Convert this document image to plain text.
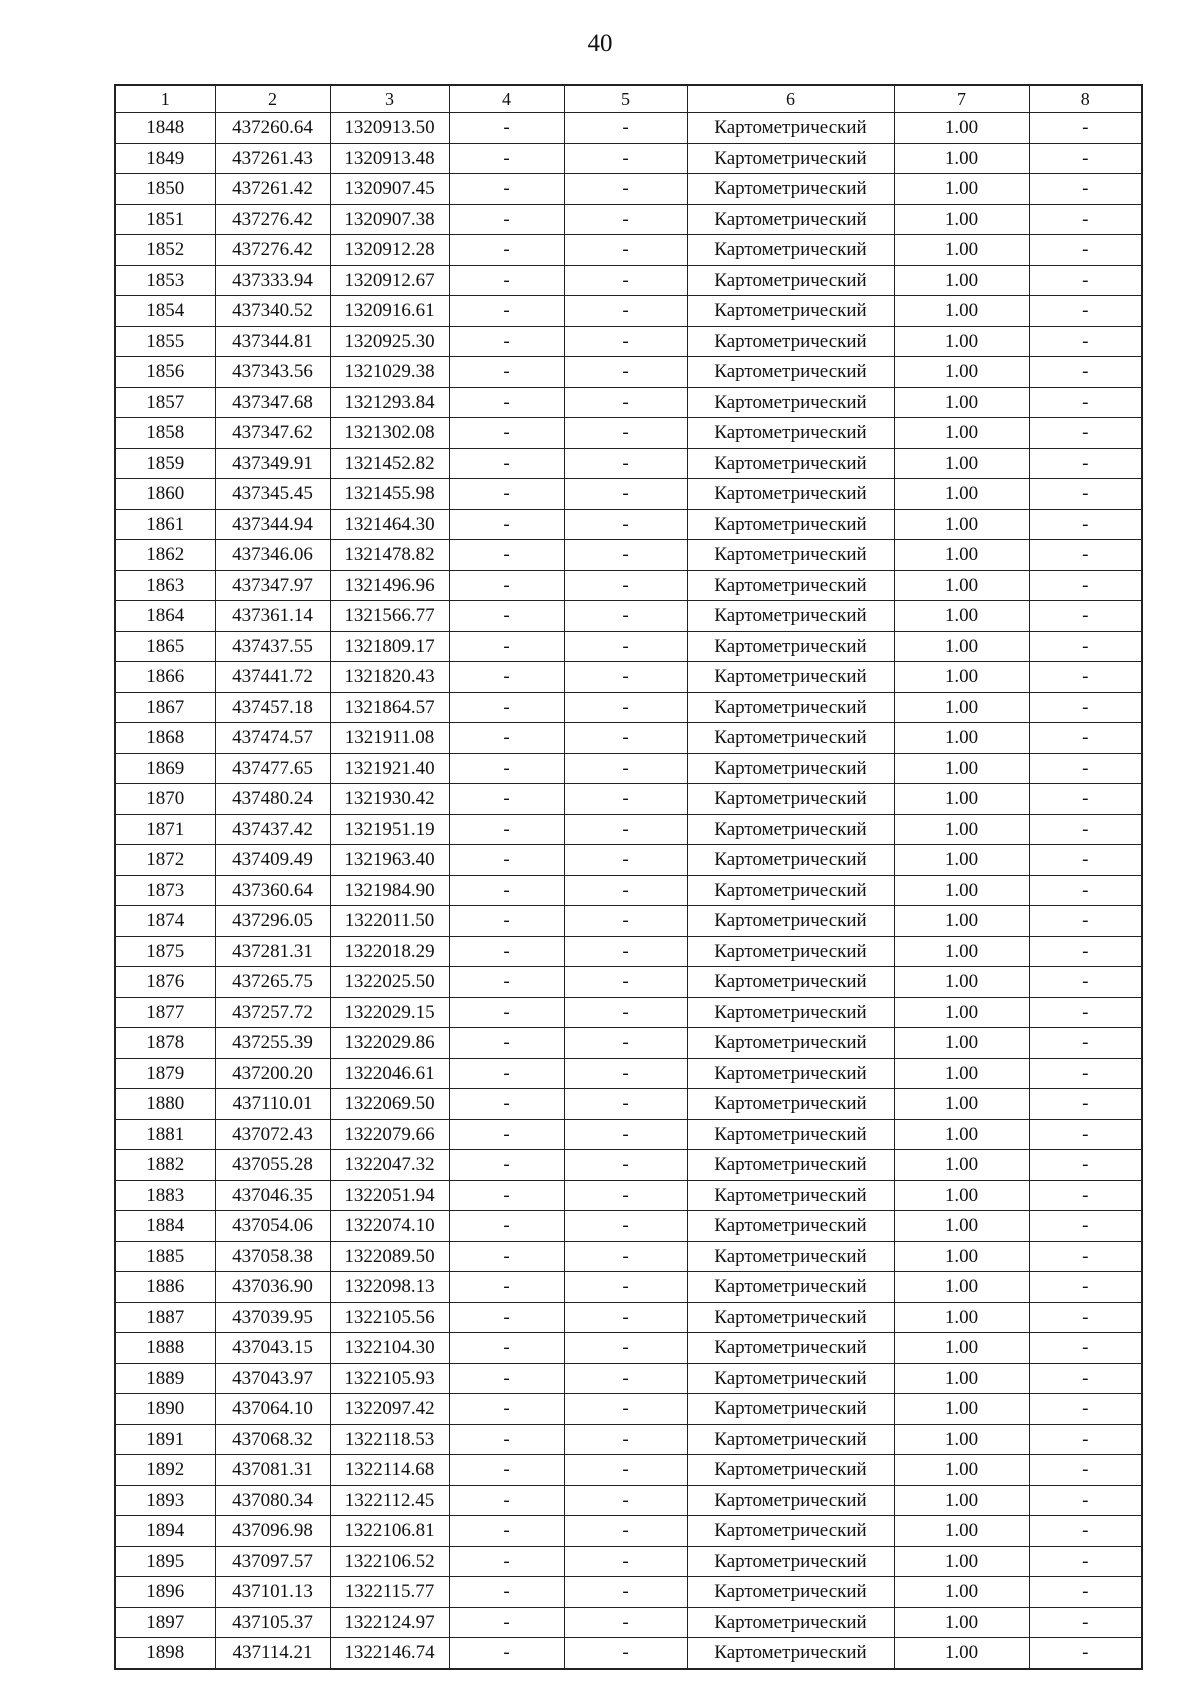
40
1	2	3	4	5	6	7	8
1848	437260.64	1320913.50	-	-	Картометрический	1.00	-
1849	437261.43	1320913.48	-	-	Картометрический	1.00	-
1850	437261.42	1320907.45	-	-	Картометрический	1.00	-
1851	437276.42	1320907.38	-	-	Картометрический	1.00	-
1852	437276.42	1320912.28	-	-	Картометрический	1.00	-
1853	437333.94	1320912.67	-	-	Картометрический	1.00	-
1854	437340.52	1320916.61	-	-	Картометрический	1.00	-
1855	437344.81	1320925.30	-	-	Картометрический	1.00	-
1856	437343.56	1321029.38	-	-	Картометрический	1.00	-
1857	437347.68	1321293.84	-	-	Картометрический	1.00	-
1858	437347.62	1321302.08	-	-	Картометрический	1.00	-
1859	437349.91	1321452.82	-	-	Картометрический	1.00	-
1860	437345.45	1321455.98	-	-	Картометрический	1.00	-
1861	437344.94	1321464.30	-	-	Картометрический	1.00	-
1862	437346.06	1321478.82	-	-	Картометрический	1.00	-
1863	437347.97	1321496.96	-	-	Картометрический	1.00	-
1864	437361.14	1321566.77	-	-	Картометрический	1.00	-
1865	437437.55	1321809.17	-	-	Картометрический	1.00	-
1866	437441.72	1321820.43	-	-	Картометрический	1.00	-
1867	437457.18	1321864.57	-	-	Картометрический	1.00	-
1868	437474.57	1321911.08	-	-	Картометрический	1.00	-
1869	437477.65	1321921.40	-	-	Картометрический	1.00	-
1870	437480.24	1321930.42	-	-	Картометрический	1.00	-
1871	437437.42	1321951.19	-	-	Картометрический	1.00	-
1872	437409.49	1321963.40	-	-	Картометрический	1.00	-
1873	437360.64	1321984.90	-	-	Картометрический	1.00	-
1874	437296.05	1322011.50	-	-	Картометрический	1.00	-
1875	437281.31	1322018.29	-	-	Картометрический	1.00	-
1876	437265.75	1322025.50	-	-	Картометрический	1.00	-
1877	437257.72	1322029.15	-	-	Картометрический	1.00	-
1878	437255.39	1322029.86	-	-	Картометрический	1.00	-
1879	437200.20	1322046.61	-	-	Картометрический	1.00	-
1880	437110.01	1322069.50	-	-	Картометрический	1.00	-
1881	437072.43	1322079.66	-	-	Картометрический	1.00	-
1882	437055.28	1322047.32	-	-	Картометрический	1.00	-
1883	437046.35	1322051.94	-	-	Картометрический	1.00	-
1884	437054.06	1322074.10	-	-	Картометрический	1.00	-
1885	437058.38	1322089.50	-	-	Картометрический	1.00	-
1886	437036.90	1322098.13	-	-	Картометрический	1.00	-
1887	437039.95	1322105.56	-	-	Картометрический	1.00	-
1888	437043.15	1322104.30	-	-	Картометрический	1.00	-
1889	437043.97	1322105.93	-	-	Картометрический	1.00	-
1890	437064.10	1322097.42	-	-	Картометрический	1.00	-
1891	437068.32	1322118.53	-	-	Картометрический	1.00	-
1892	437081.31	1322114.68	-	-	Картометрический	1.00	-
1893	437080.34	1322112.45	-	-	Картометрический	1.00	-
1894	437096.98	1322106.81	-	-	Картометрический	1.00	-
1895	437097.57	1322106.52	-	-	Картометрический	1.00	-
1896	437101.13	1322115.77	-	-	Картометрический	1.00	-
1897	437105.37	1322124.97	-	-	Картометрический	1.00	-
1898	437114.21	1322146.74	-	-	Картометрический	1.00	-
